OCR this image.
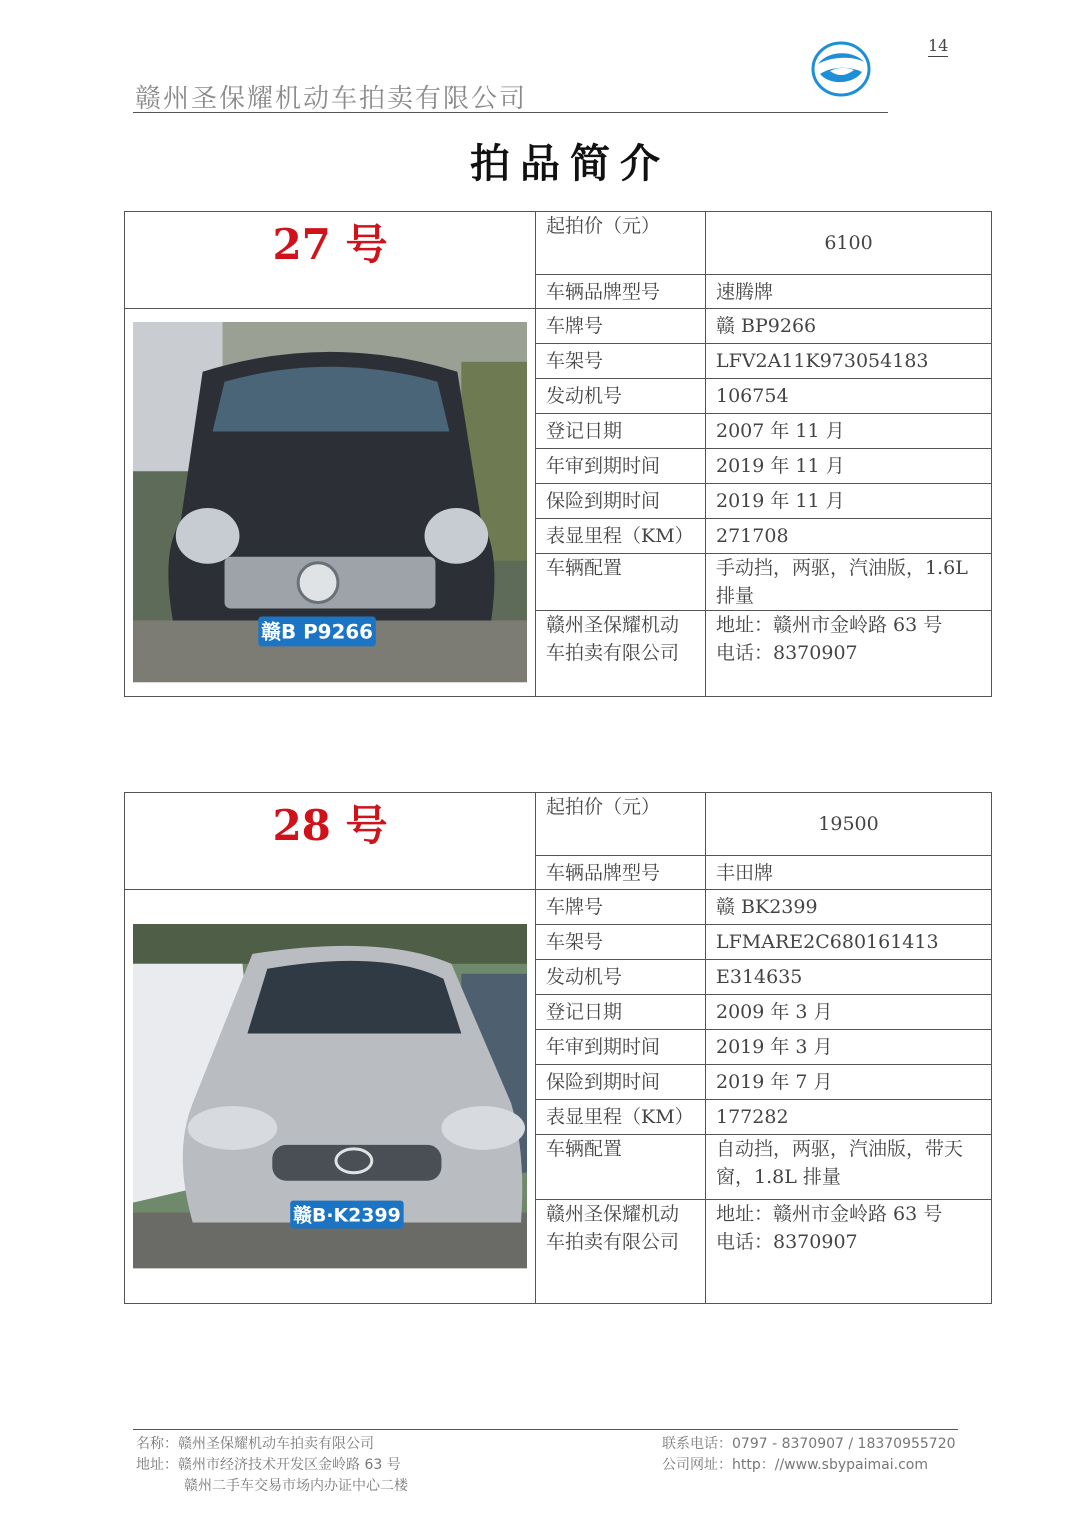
14
赣州圣保耀机动车拍卖有限公司
拍品简介
27 号	起拍价（元）	6100
	车辆品牌型号	速腾牌

赣B P9266	车牌号	赣 BP9266
	车架号	LFV2A11K973054183
	发动机号	106754
	登记日期	2007 年 11 月
	年审到期时间	2019 年 11 月
	保险到期时间	2019 年 11 月
	表显里程（KM）	271708
	车辆配置	手动挡，两驱，汽油版，1.6L 排量
	赣州圣保耀机动车拍卖有限公司	地址：赣州市金岭路 63 号
电话：8370907
28 号	起拍价（元）	19500
	车辆品牌型号	丰田牌

赣B·K2399	车牌号	赣 BK2399
	车架号	LFMARE2C680161413
	发动机号	E314635
	登记日期	2009 年 3 月
	年审到期时间	2019 年 3 月
	保险到期时间	2019 年 7 月
	表显里程（KM）	177282
	车辆配置	自动挡，两驱，汽油版，带天窗，1.8L 排量
	赣州圣保耀机动车拍卖有限公司	地址：赣州市金岭路 63 号
电话：8370907
名称：赣州圣保耀机动车拍卖有限公司
地址：赣州市经济技术开发区金岭路 63 号
赣州二手车交易市场内办证中心二楼
联系电话：0797 - 8370907 / 18370955720
公司网址：http：//www.sbypaimai.com
